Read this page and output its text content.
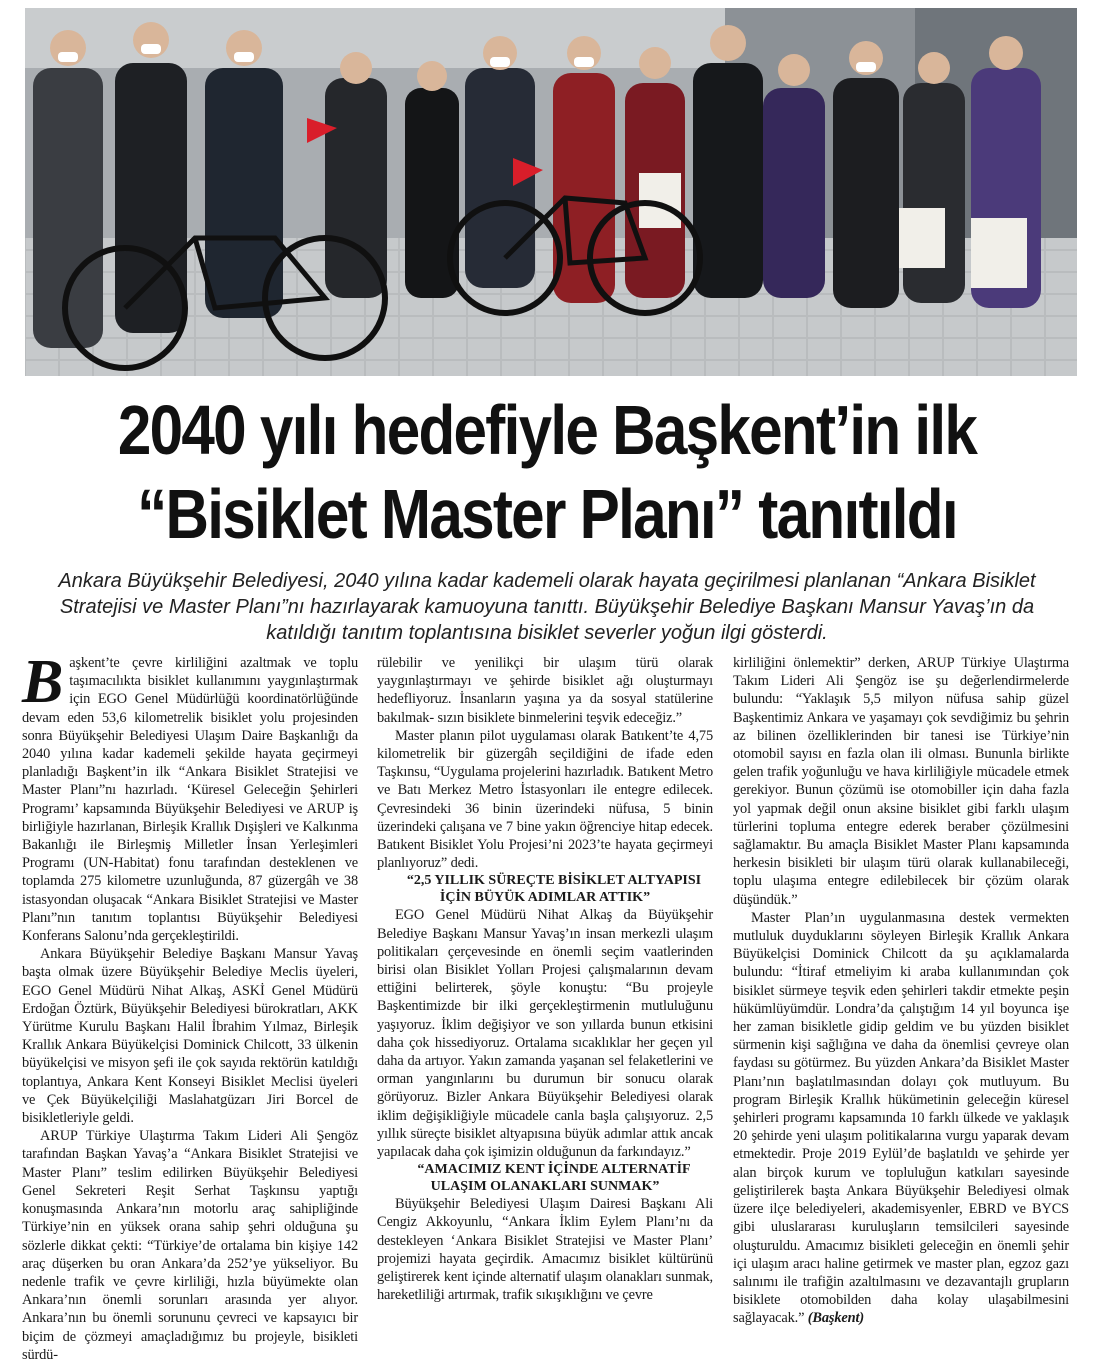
2040 yılı hedefiyle Başkent’in ilk
“Bisiklet Master Planı” tanıtıldı

Ankara Büyükşehir Belediyesi, 2040 yılına kadar kademeli olarak hayata geçirilmesi planlanan “Ankara Bisiklet Stratejisi ve Master Planı”nı hazırlayarak kamuoyuna tanıttı. Büyükşehir Belediye Başkanı Mansur Yavaş’ın da katıldığı tanıtım toplantısına bisiklet severler yoğun ilgi gösterdi.

Başkent’te çevre kirliliğini azaltmak ve toplu taşımacılıkta bisiklet kullanımını yaygınlaştırmak için EGO Genel Müdürlüğü koordinatörlüğünde devam eden 53,6 kilometrelik bisiklet yolu projesinden sonra Büyükşehir Belediyesi Ulaşım Daire Başkanlığı da 2040 yılına kadar kademeli şekilde hayata geçirmeyi planladığı Başkent’in ilk “Ankara Bisiklet Stratejisi ve Master Planı”nı hazırladı. ‘Küresel Geleceğin Şehirleri Programı’ kapsamında Büyükşehir Belediyesi ve ARUP iş birliğiyle hazırlanan, Birleşik Krallık Dışişleri ve Kalkınma Bakanlığı ile Birleşmiş Milletler İnsan Yerleşimleri Programı (UN-Habitat) fonu tarafından desteklenen ve toplamda 275 kilometre uzunluğunda, 87 güzergâh ve 38 istasyondan oluşacak “Ankara Bisiklet Stratejisi ve Master Planı”nın tanıtım toplantısı Büyükşehir Belediyesi Konferans Salonu’nda gerçekleştirildi.

Ankara Büyükşehir Belediye Başkanı Mansur Yavaş başta olmak üzere Büyükşehir Belediye Meclis üyeleri, EGO Genel Müdürü Nihat Alkaş, ASKİ Genel Müdürü Erdoğan Öztürk, Büyükşehir Belediyesi bürokratları, AKK Yürütme Kurulu Başkanı Halil İbrahim Yılmaz, Birleşik Krallık Ankara Büyükelçisi Dominick Chilcott, 33 ülkenin büyükelçisi ve misyon şefi ile çok sayıda rektörün katıldığı toplantıya, Ankara Kent Konseyi Bisiklet Meclisi üyeleri ve Çek Büyükelçiliği Maslahatgüzarı Jiri Borcel de bisikletleriyle geldi.

ARUP Türkiye Ulaştırma Takım Lideri Ali Şengöz tarafından Başkan Yavaş’a “Ankara Bisiklet Stratejisi ve Master Planı” teslim edilirken Büyükşehir Belediyesi Genel Sekreteri Reşit Serhat Taşkınsu yaptığı konuşmasında Ankara’nın motorlu araç sahipliğinde Türkiye’nin en yüksek orana sahip şehri olduğuna şu sözlerle dikkat çekti: “Türkiye’de ortalama bin kişiye 142 araç düşerken bu oran Ankara’da 252’ye yükseliyor. Bu nedenle trafik ve çevre kirliliği, hızla büyümekte olan Ankara’nın önemli sorunları arasında yer alıyor. Ankara’nın bu önemli sorununu çevreci ve kapsayıcı bir biçim de çözmeyi amaçladığımız bu projeyle, bisikleti sürdü-

rülebilir ve yenilikçi bir ulaşım türü olarak yaygınlaştırmayı ve şehirde bisiklet ağı oluşturmayı hedefliyoruz. İnsanların yaşına ya da sosyal statülerine bakılmak- sızın bisiklete binmelerini teşvik edeceğiz.”

Master planın pilot uygulaması olarak Batıkent’te 4,75 kilometrelik bir güzergâh seçildiğini de ifade eden Taşkınsu, “Uygulama projelerini hazırladık. Batıkent Metro ve Batı Merkez Metro İstasyonları ile entegre edilecek. Çevresindeki 36 binin üzerindeki nüfusa, 5 binin üzerindeki çalışana ve 7 bine yakın öğrenciye hitap edecek. Batıkent Bisiklet Yolu Projesi’ni 2023’te hayata geçirmeyi planlıyoruz” dedi.

“2,5 YILLIK SÜREÇTE BİSİKLET ALTYAPISI İÇİN BÜYÜK ADIMLAR ATTIK”

EGO Genel Müdürü Nihat Alkaş da Büyükşehir Belediye Başkanı Mansur Yavaş’ın insan merkezli ulaşım politikaları çerçevesinde en önemli seçim vaatlerinden birisi olan Bisiklet Yolları Projesi çalışmalarının devam ettiğini belirterek, şöyle konuştu: “Bu projeyle Başkentimizde bir ilki gerçekleştirmenin mutluluğunu yaşıyoruz. İklim değişiyor ve son yıllarda bunun etkisini daha çok hissediyoruz. Ortalama sıcaklıklar her geçen yıl daha da artıyor. Yakın zamanda yaşanan sel felaketlerini ve orman yangınlarını bu durumun bir sonucu olarak görüyoruz. Bizler Ankara Büyükşehir Belediyesi olarak iklim değişikliğiyle mücadele canla başla çalışıyoruz. 2,5 yıllık süreçte bisiklet altyapısına büyük adımlar attık ancak yapılacak daha çok işimizin olduğunun da farkındayız.”

“AMACIMIZ KENT İÇİNDE ALTERNATİF ULAŞIM OLANAKLARI SUNMAK”

Büyükşehir Belediyesi Ulaşım Dairesi Başkanı Ali Cengiz Akkoyunlu, “Ankara İklim Eylem Planı’nı da destekleyen ‘Ankara Bisiklet Stratejisi ve Master Planı’ projemizi hayata geçirdik. Amacımız bisiklet kültürünü geliştirerek kent içinde alternatif ulaşım olanakları sunmak, hareketliliği artırmak, trafik sıkışıklığını ve çevre

kirliliğini önlemektir” derken, ARUP Türkiye Ulaştırma Takım Lideri Ali Şengöz ise şu değerlendirmelerde bulundu: “Yaklaşık 5,5 milyon nüfusa sahip güzel Başkentimiz Ankara ve yaşamayı çok sevdiğimiz bu şehrin az bilinen özelliklerinden bir tanesi ise Türkiye’nin otomobil sayısı en fazla olan ili olması. Bununla birlikte gelen trafik yoğunluğu ve hava kirliliğiyle mücadele etmek gerekiyor. Bunun çözümü ise otomobiller için daha fazla yol yapmak değil onun aksine bisiklet gibi farklı ulaşım türlerini topluma entegre ederek beraber çözülmesini sağlamaktır. Bu amaçla Bisiklet Master Planı kapsamında herkesin bisikleti bir ulaşım türü olarak kullanabileceği, toplu ulaşıma entegre edilebilecek bir çözüm olarak düşündük.”

Master Plan’ın uygulanmasına destek vermekten mutluluk duyduklarını söyleyen Birleşik Krallık Ankara Büyükelçisi Dominick Chilcott da şu açıklamalarda bulundu: “İtiraf etmeliyim ki araba kullanımından çok bisiklet sürmeye teşvik eden şehirleri takdir etmekte peşin hükümlüyümdür. Londra’da çalıştığım 14 yıl boyunca işe her zaman bisikletle gidip geldim ve bu yüzden bisiklet sürmenin kişi sağlığına ve daha da önemlisi çevreye olan faydası su götürmez. Bu yüzden Ankara’da Bisiklet Master Planı’nın başlatılmasından dolayı çok mutluyum. Bu program Birleşik Krallık hükümetinin geleceğin küresel şehirleri programı kapsamında 10 farklı ülkede ve yaklaşık 20 şehirde yeni ulaşım politikalarına vurgu yaparak devam etmektedir. Proje 2019 Eylül’de başlatıldı ve şehirde yer alan birçok kurum ve topluluğun katkıları sayesinde geliştirilerek başta Ankara Büyükşehir Belediyesi olmak üzere ilçe belediyeleri, akademisyenler, EBRD ve BYCS gibi uluslararası kuruluşların temsilcileri sayesinde oluşturuldu. Amacımız bisikleti geleceğin en önemli şehir içi ulaşım aracı haline getirmek ve master plan, egzoz gazı salınımı ile trafiğin azaltılmasını ve dezavantajlı grupların bisiklete otomobilden daha kolay ulaşabilmesini sağlayacak.” (Başkent)
